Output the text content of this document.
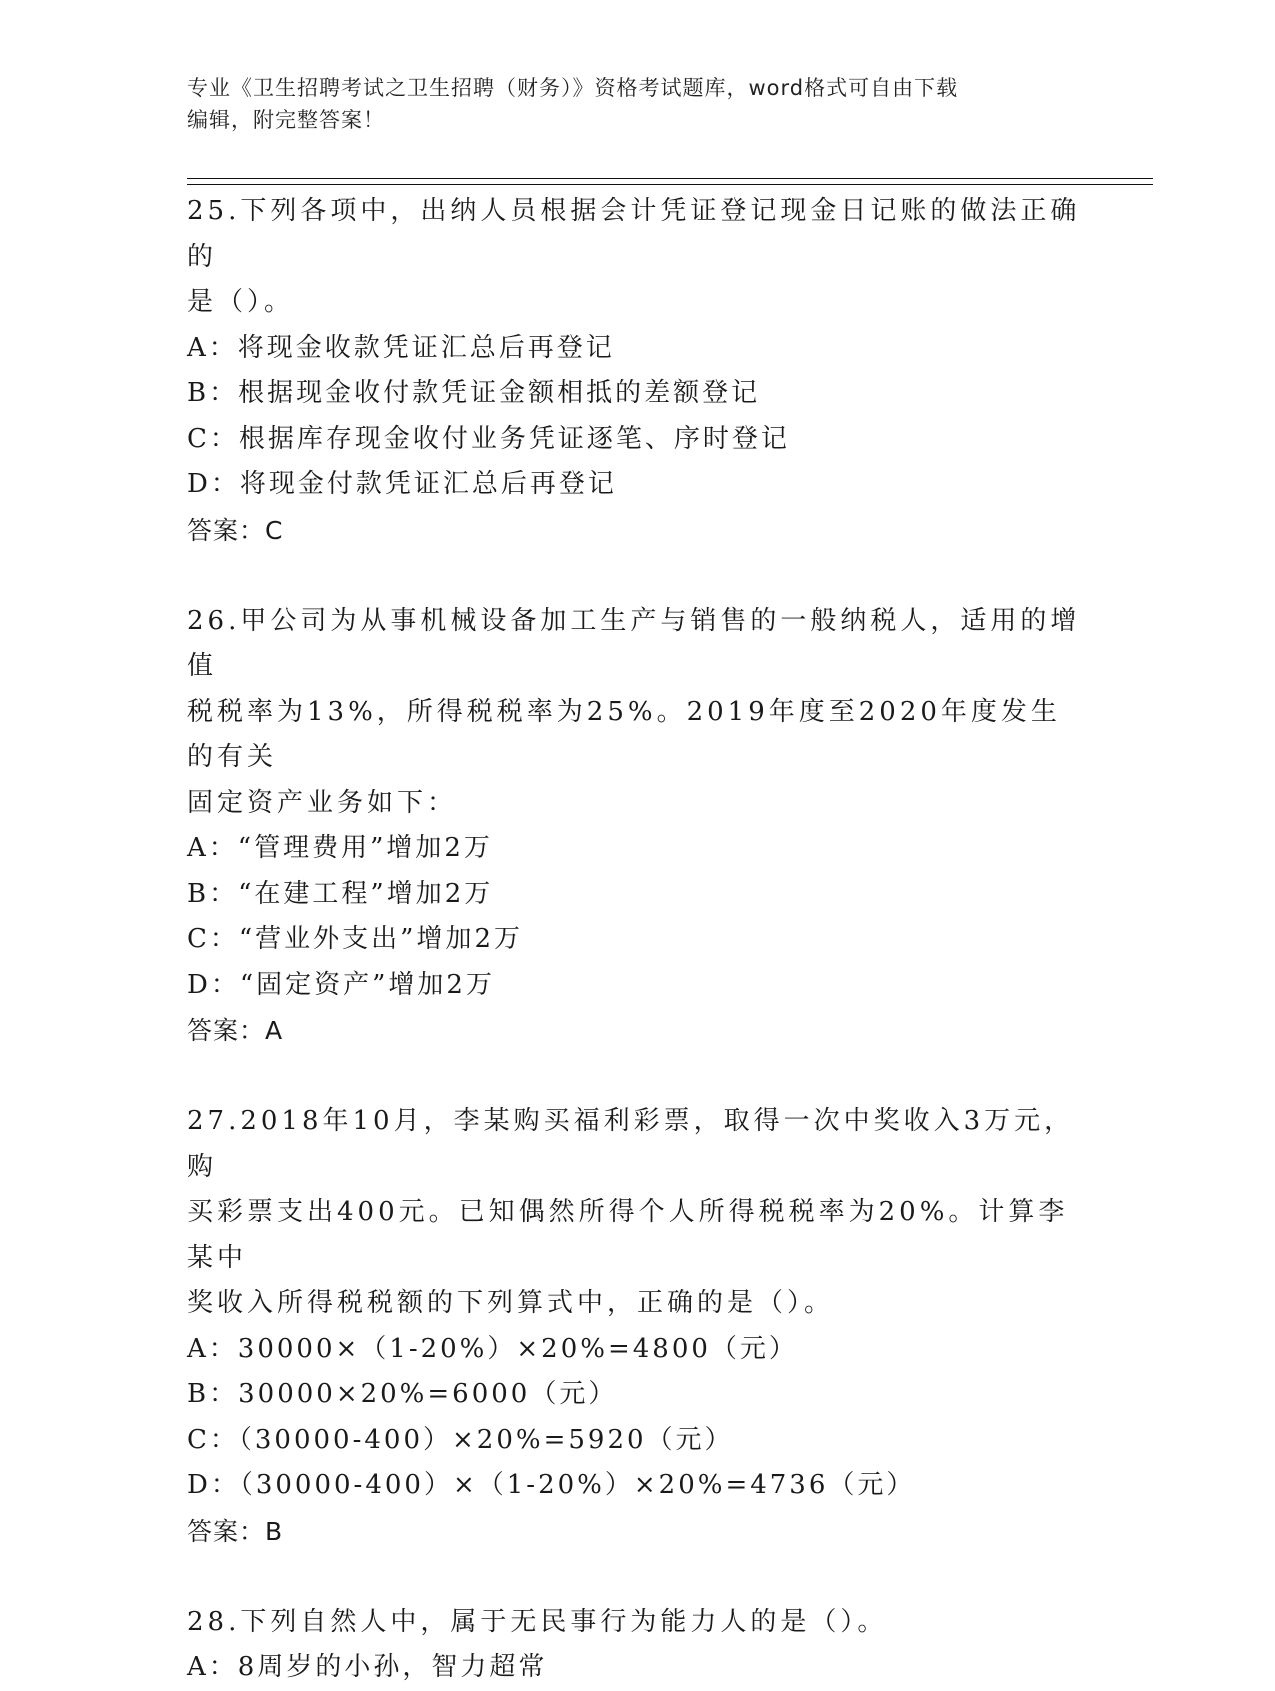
专业《卫生招聘考试之卫生招聘（财务）》资格考试题库，word格式可自由下载
编辑，附完整答案！
25.下列各项中，出纳人员根据会计凭证登记现金日记账的做法正确的
是（）。
A：将现金收款凭证汇总后再登记
B：根据现金收付款凭证金额相抵的差额登记
C：根据库存现金收付业务凭证逐笔、序时登记
D：将现金付款凭证汇总后再登记
答案：C
26.甲公司为从事机械设备加工生产与销售的一般纳税人，适用的增值
税税率为13%，所得税税率为25%。2019年度至2020年度发生的有关
固定资产业务如下：
A：“管理费用”增加2万
B：“在建工程”增加2万
C：“营业外支出”增加2万
D：“固定资产”增加2万
答案：A
27.2018年10月，李某购买福利彩票，取得一次中奖收入3万元，购
买彩票支出400元。已知偶然所得个人所得税税率为20%。计算李某中
奖收入所得税税额的下列算式中，正确的是（）。
A：30000×（1-20%）×20%=4800（元）
B：30000×20%=6000（元）
C：（30000-400）×20%=5920（元）
D：（30000-400）×（1-20%）×20%=4736（元）
答案：B
28.下列自然人中，属于无民事行为能力人的是（）。
A：8周岁的小孙，智力超常
